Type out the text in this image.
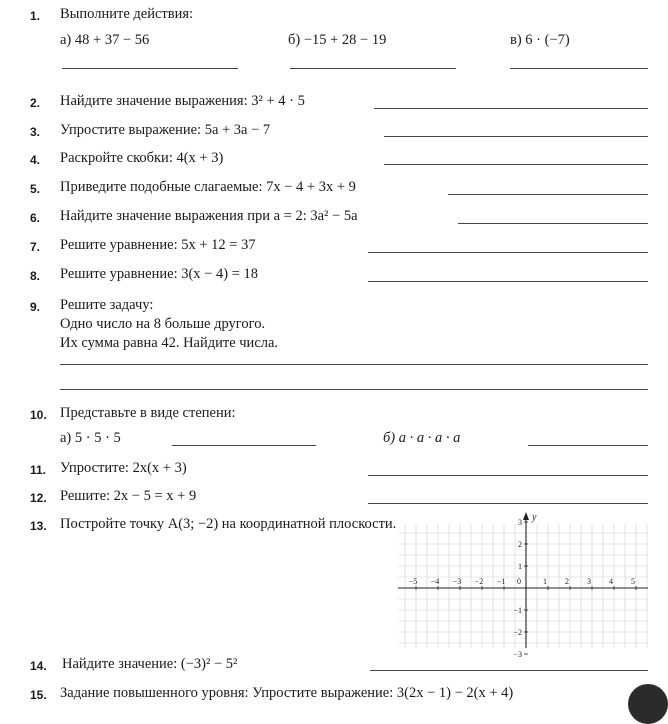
1. Выполните действия:
а) 48 + 37 − 56	б) −15 + 28 − 19	в) 6 · (−7)
2. Найдите значение выражения: 3² + 4 · 5
3. Упростите выражение: 5a + 3a − 7
4. Раскройте скобки: 4(x + 3)
5. Приведите подобные слагаемые: 7x − 4 + 3x + 9
6. Найдите значение выражения при a = 2: 3a² − 5a
7. Решите уравнение: 5x + 12 = 37
8. Решите уравнение: 3(x − 4) = 18
9. Решите задачу:
Одно число на 8 больше другого.
Их сумма равна 42. Найдите числа.
10. Представьте в виде степени:
а) 5 · 5 · 5	б) a · a · a · a
11. Упростите: 2x(x + 3)
12. Решите: 2x − 5 = x + 9
13. Постройте точку A(3; −2) на координатной плоскости.	y
−5 −4 −3 −2 −1 0	1 2 3 4 5
3
2
1
−1
−2
−3
14. Найдите значение: (−3)² − 5²
15. Задание повышенного уровня: Упростите выражение: 3(2x − 1) − 2(x + 4)
